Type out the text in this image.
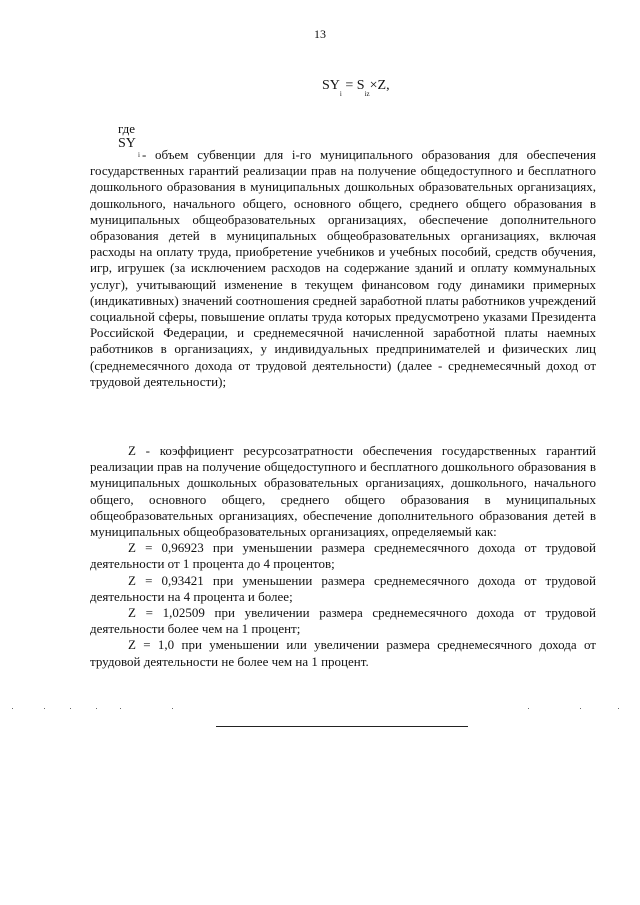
13
$SY_i = S_{iz}\times Z$,
где
SY
i - объем субвенции для i-го муниципального образования для обеспечения государственных гарантий реализации прав на получение общедоступного и бесплатного дошкольного образования в муниципальных дошкольных образовательных организациях, дошкольного, начального общего, основного общего, среднего общего образования в муниципальных общеобразовательных организациях, обеспечение дополнительного образования детей в муниципальных общеобразовательных организациях, включая расходы на оплату труда, приобретение учебников и учебных пособий, средств обучения, игр, игрушек (за исключением расходов на содержание зданий и оплату коммунальных услуг), учитывающий изменение в текущем финансовом году динамики примерных (индикативных) значений соотношения средней заработной платы работников учреждений социальной сферы, повышение оплаты труда которых предусмотрено указами Президента Российской Федерации, и среднемесячной начисленной заработной платы наемных работников в организациях, у индивидуальных предпринимателей и физических лиц (среднемесячного дохода от трудовой деятельности) (далее - среднемесячный доход от трудовой деятельности);

Z - коэффициент ресурсозатратности обеспечения государственных гарантий реализации прав на получение общедоступного и бесплатного дошкольного образования в муниципальных дошкольных образовательных организациях, дошкольного, начального общего, основного общего, среднего общего образования в муниципальных общеобразовательных организациях, обеспечение дополнительного образования детей в муниципальных общеобразовательных организациях, определяемый как:

Z = 0,96923 при уменьшении размера среднемесячного дохода от трудовой деятельности от 1 процента до 4 процентов;

Z = 0,93421 при уменьшении размера среднемесячного дохода от трудовой деятельности на 4 процента и более;

Z = 1,02509 при увеличении размера среднемесячного дохода от трудовой деятельности более чем на 1 процент;

Z = 1,0 при уменьшении или увеличении размера среднемесячного дохода от трудовой деятельности не более чем на 1 процент.
